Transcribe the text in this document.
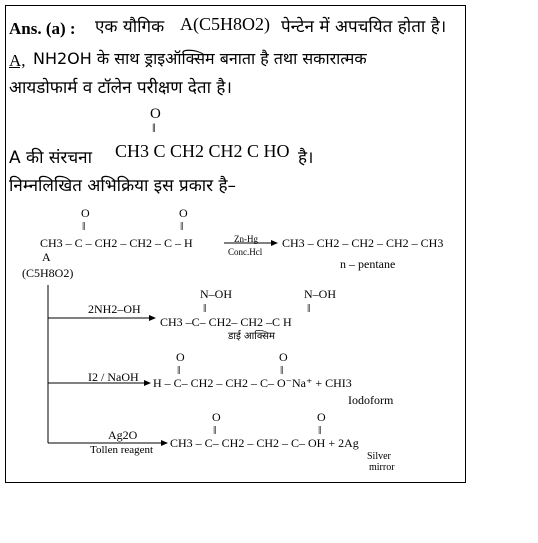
Ans. (a) : एक यौगिक A(C5H8O2) पेन्टेन में अपचयित होता है।
A, NH2OH के साथ ड्राइऑक्सिम बनाता है तथा सकारात्मक
आयडोफार्म व टॉलेन परीक्षण देता है।
O
‖
A की संरचना CH3 C CH2 CH2 C HO है।
निम्नलिखित अभिक्रिया इस प्रकार है–
O	O
‖	‖
CH3 – C – CH2 – CH2 – C – H	Zn-Hg
Conc.Hcl
CH3 – CH2 – CH2 – CH2 – CH3
n – pentane
A
(C5H8O2)
2NH2–OH
N–OH	N–OH
‖	‖
CH3 –C– CH2– CH2 –C H
डाई आक्सिम
I2 / NaOH
O	O
‖	‖
H – C– CH2 – CH2 – C– O⁻Na⁺ + CHI3
Iodoform
Ag2O
Tollen reagent
O	O
‖	‖
CH3 – C– CH2 – CH2 – C– OH + 2Ag
Silver
mirror
